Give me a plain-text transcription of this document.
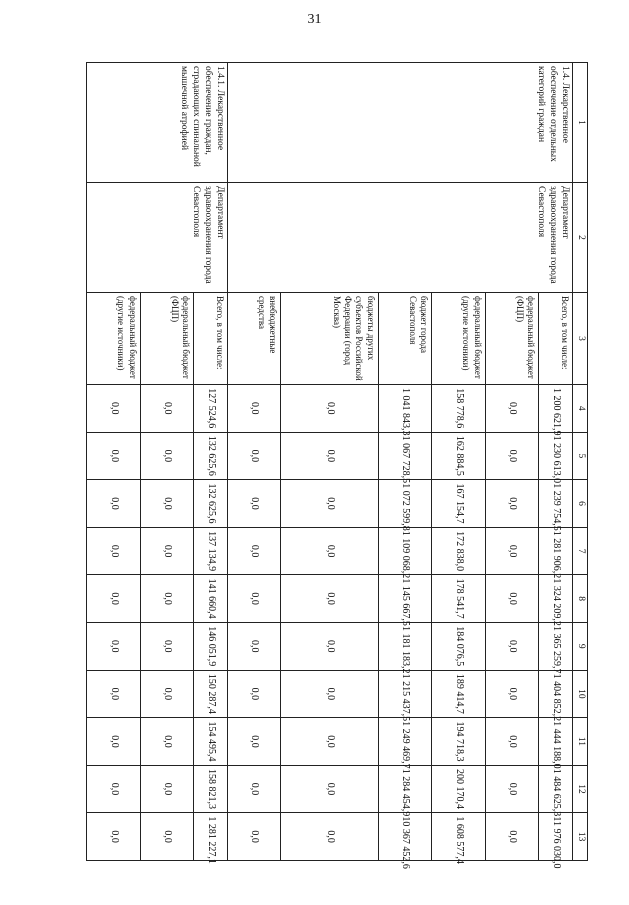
31
1	2	3	4	5	6	7	8	9	10	11	12	13
1.4. Лекарственное обеспечение отдельных категорий граждан	Департамент здравоохранения города Севастополя	Всего, в том числе:	1 200 621,9	1 230 613,0	1 239 754,5	1 281 906,2	1 324 209,2	1 365 259,7	1 404 852,2	1 444 188,0	1 484 625,3	11 976 030,0
		федеральный бюджет (ФЦП)	0,0	0,0	0,0	0,0	0,0	0,0	0,0	0,0	0,0	0,0
		федеральный бюджет (другие источники)	158 778,6	162 884,5	167 154,7	172 838,0	178 541,7	184 076,5	189 414,7	194 718,3	200 170,4	1 608 577,4
		бюджет города Севастополя	1 041 843,3	1 067 728,5	1 072 599,8	1 109 068,2	1 145 667,5	1 181 183,2	1 215 437,5	1 249 469,7	1 284 454,9	10 367 452,6
		бюджеты других субъектов Российской Федерации (город Москва)	0,0	0,0	0,0	0,0	0,0	0,0	0,0	0,0	0,0	0,0
		внебюджетные средства	0,0	0,0	0,0	0,0	0,0	0,0	0,0	0,0	0,0	0,0
1.4.1. Лекарственное обеспечение граждан, страдающих спинальной мышечной атрофией	Департамент здравоохранения города Севастополя	Всего, в том числе:	127 524,6	132 625,6	132 625,6	137 134,9	141 660,4	146 051,9	150 287,4	154 495,4	158 821,3	1 281 227,1
		федеральный бюджет (ФЦП)	0,0	0,0	0,0	0,0	0,0	0,0	0,0	0,0	0,0	0,0
		федеральный бюджет (другие источники)	0,0	0,0	0,0	0,0	0,0	0,0	0,0	0,0	0,0	0,0
